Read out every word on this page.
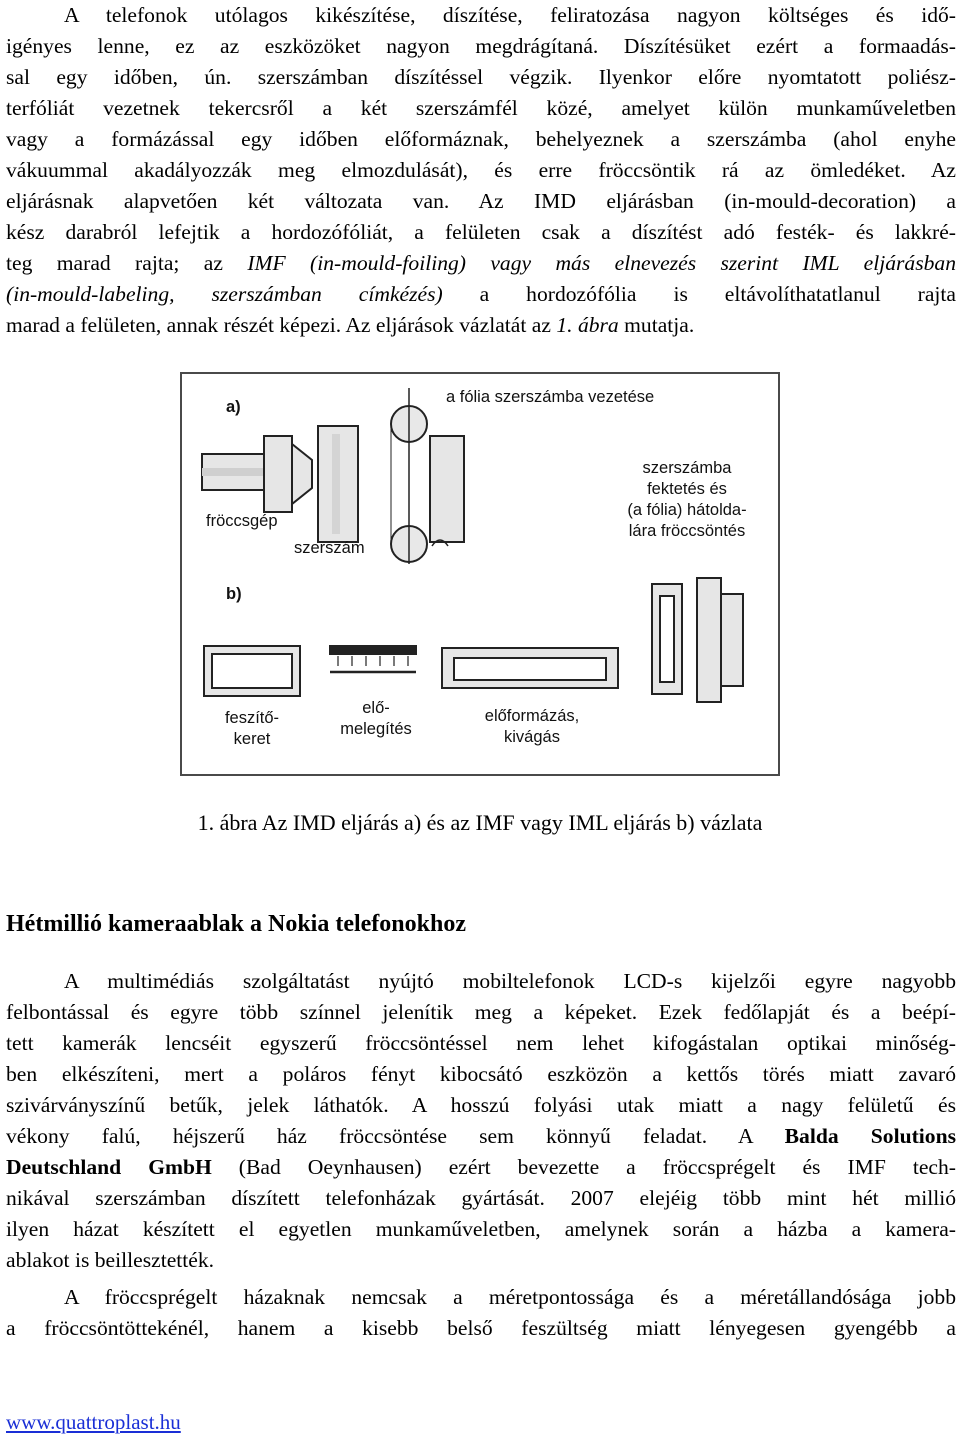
A telefonok utólagos kikészítése, díszítése, feliratozása nagyon költséges és idő-
igényes lenne, ez az eszközöket nagyon megdrágítaná. Díszítésüket ezért a formaadás-
sal egy időben, ún. szerszámban díszítéssel végzik. Ilyenkor előre nyomtatott poliész-
terfóliát vezetnek tekercsről a két szerszámfél közé, amelyet külön munkaműveletben
vagy a formázással egy időben előformáznak, behelyeznek a szerszámba (ahol enyhe
vákuummal akadályozzák meg elmozdulását), és erre fröccsöntik rá az ömledéket. Az
eljárásnak alapvetően két változata van. Az IMD eljárásban (in-mould-decoration) a
kész darabról lefejtik a hordozófóliát, a felületen csak a díszítést adó festék- és lakkré-
teg marad rajta; az IMF (in-mould-foiling) vagy más elnevezés szerint IML eljárásban
(in-mould-labeling, szerszámban címkézés) a hordozófólia is eltávolíthatatlanul rajta
marad a felületen, annak részét képezi. Az eljárások vázlatát az 1. ábra mutatja.
a)
a fólia szerszámba vezetése
fröccsgép
szerszám
szerszámba
fektetés és
(a fólia) hátolda-
lára fröccsöntés
b)
feszítő-
keret
elő-
melegítés
előformázás,
kivágás
1. ábra Az IMD eljárás a) és az IMF vagy IML eljárás b) vázlata
Hétmillió kameraablak a Nokia telefonokhoz
A multimédiás szolgáltatást nyújtó mobiltelefonok LCD-s kijelzői egyre nagyobb
felbontással és egyre több színnel jelenítik meg a képeket. Ezek fedőlapját és a beépí-
tett kamerák lencséit egyszerű fröccsöntéssel nem lehet kifogástalan optikai minőség-
ben elkészíteni, mert a poláros fényt kibocsátó eszközön a kettős törés miatt zavaró
szivárványszínű betűk, jelek láthatók. A hosszú folyási utak miatt a nagy felületű és
vékony falú, héjszerű ház fröccsöntése sem könnyű feladat. A Balda Solutions
Deutschland GmbH (Bad Oeynhausen) ezért bevezette a fröccsprégelt és IMF tech-
nikával szerszámban díszített telefonházak gyártását. 2007 elejéig több mint hét millió
ilyen házat készített el egyetlen munkaműveletben, amelynek során a házba a kamera-
ablakot is beillesztették.
A fröccsprégelt házaknak nemcsak a méretpontossága és a méretállandósága jobb
a fröccsöntöttekénél, hanem a kisebb belső feszültség miatt lényegesen gyengébb a
www.quattroplast.hu
